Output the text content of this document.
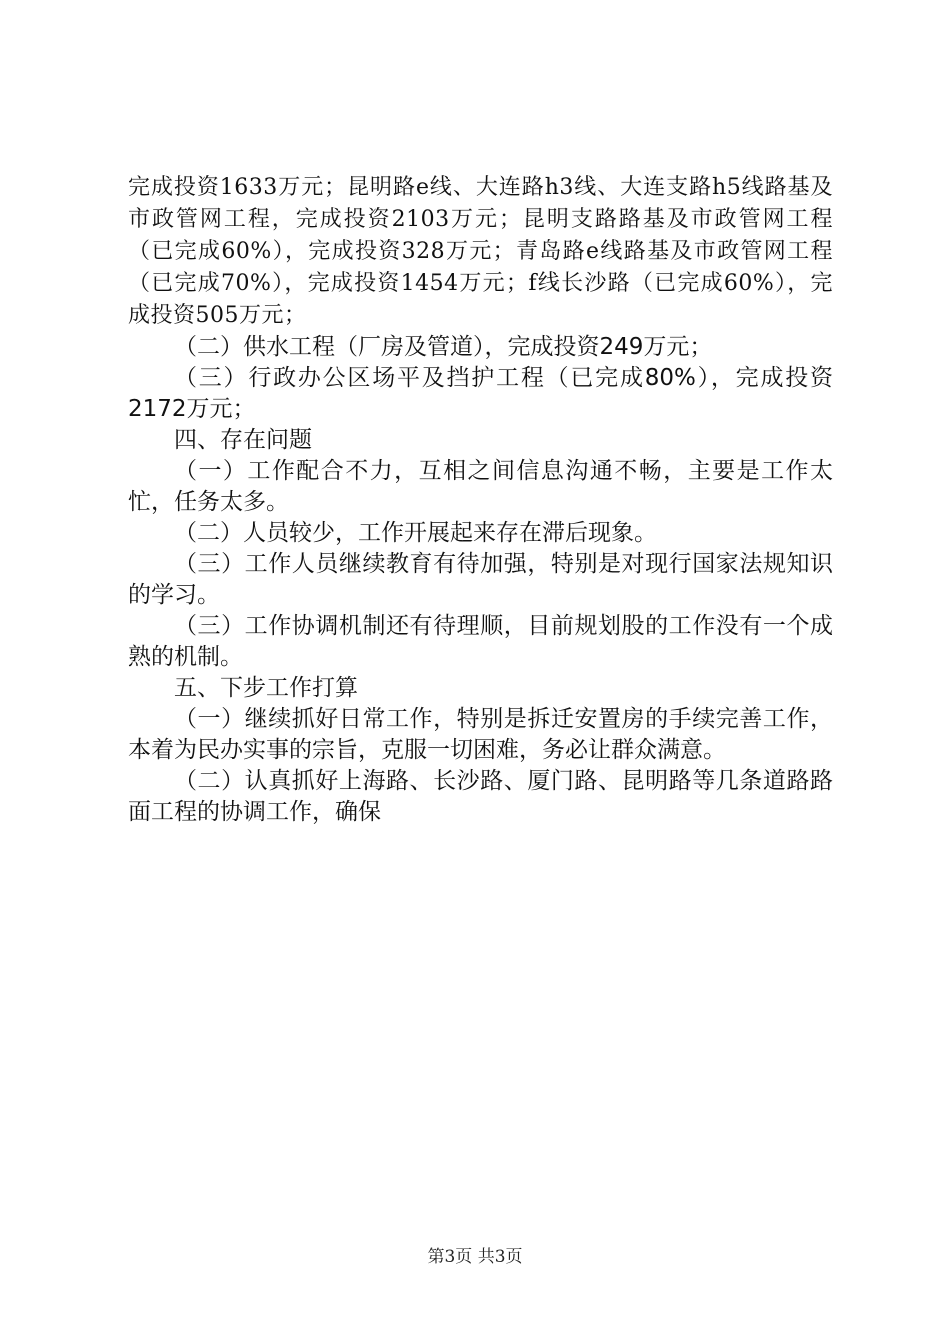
完成投资1633万元；昆明路e线、大连路h3线、大连支路h5线路基及市政管网工程，完成投资2103万元；昆明支路路基及市政管网工程（已完成60%），完成投资328万元；青岛路e线路基及市政管网工程（已完成70%），完成投资1454万元；f线长沙路（已完成60%），完成投资505万元；

（二）供水工程（厂房及管道），完成投资249万元；

（三）行政办公区场平及挡护工程（已完成80%），完成投资2172万元；

四、存在问题

（一）工作配合不力，互相之间信息沟通不畅，主要是工作太忙，任务太多。

（二）人员较少，工作开展起来存在滞后现象。

（三）工作人员继续教育有待加强，特别是对现行国家法规知识的学习。

（三）工作协调机制还有待理顺，目前规划股的工作没有一个成熟的机制。

五、下步工作打算

（一）继续抓好日常工作，特别是拆迁安置房的手续完善工作，本着为民办实事的宗旨，克服一切困难，务必让群众满意。

（二）认真抓好上海路、长沙路、厦门路、昆明路等几条道路路面工程的协调工作，确保

第3页 共3页
